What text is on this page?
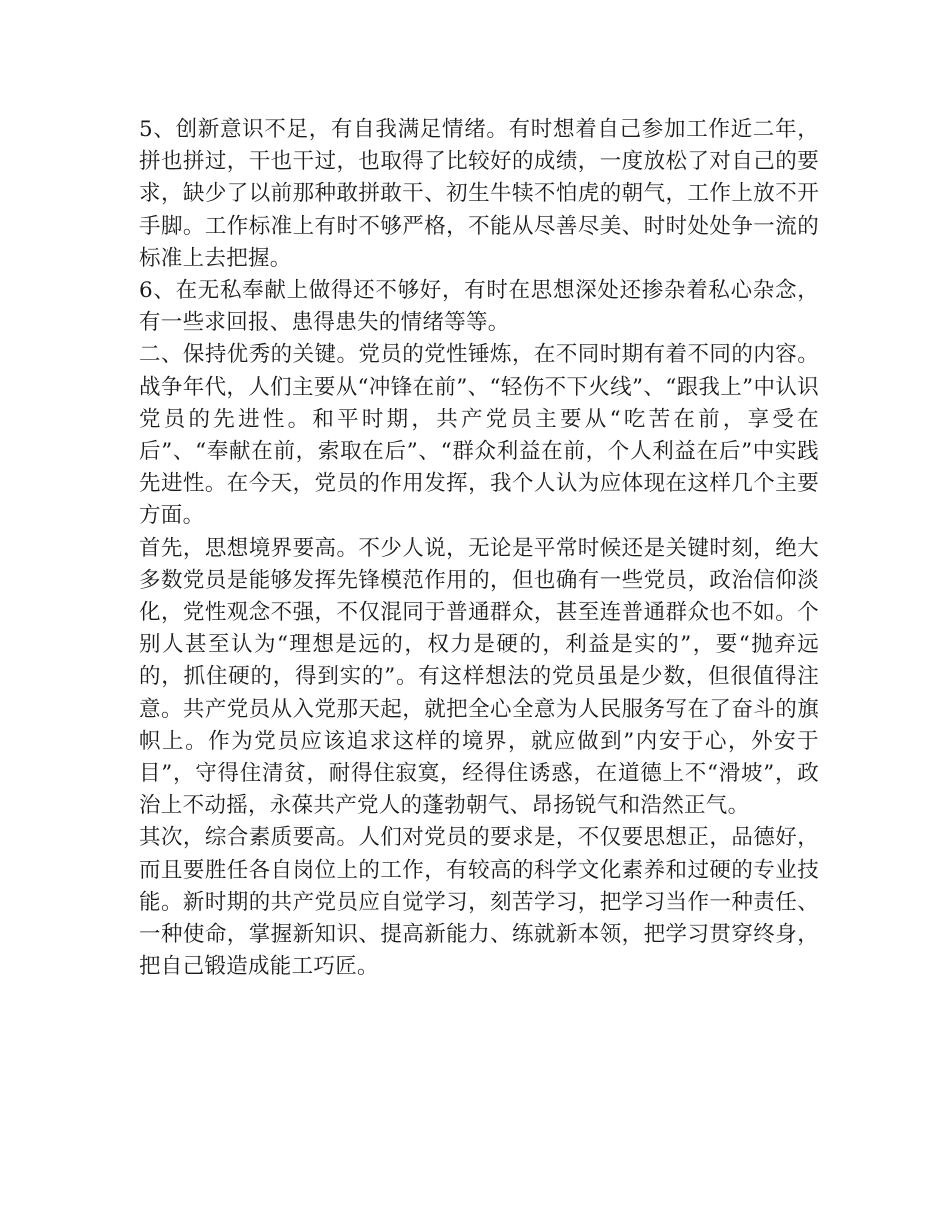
5、创新意识不足，有自我满足情绪。有时想着自己参加工作近二年，拼也拼过，干也干过，也取得了比较好的成绩，一度放松了对自己的要求，缺少了以前那种敢拼敢干、初生牛犊不怕虎的朝气，工作上放不开手脚。工作标准上有时不够严格，不能从尽善尽美、时时处处争一流的标准上去把握。

6、在无私奉献上做得还不够好，有时在思想深处还掺杂着私心杂念，有一些求回报、患得患失的情绪等等。

二、保持优秀的关键。党员的党性锤炼，在不同时期有着不同的内容。战争年代，人们主要从“冲锋在前”、“轻伤不下火线”、“跟我上”中认识党员的先进性。和平时期，共产党员主要从“吃苦在前，享受在后”、“奉献在前，索取在后”、“群众利益在前，个人利益在后”中实践先进性。在今天，党员的作用发挥，我个人认为应体现在这样几个主要方面。

首先，思想境界要高。不少人说，无论是平常时候还是关键时刻，绝大多数党员是能够发挥先锋模范作用的，但也确有一些党员，政治信仰淡化，党性观念不强，不仅混同于普通群众，甚至连普通群众也不如。个别人甚至认为“理想是远的，权力是硬的，利益是实的”，要“抛弃远的，抓住硬的，得到实的”。有这样想法的党员虽是少数，但很值得注意。共产党员从入党那天起，就把全心全意为人民服务写在了奋斗的旗帜上。作为党员应该追求这样的境界，就应做到”内安于心，外安于目”，守得住清贫，耐得住寂寞，经得住诱惑，在道德上不“滑坡”，政治上不动摇，永葆共产党人的蓬勃朝气、昂扬锐气和浩然正气。

其次，综合素质要高。人们对党员的要求是，不仅要思想正，品德好，而且要胜任各自岗位上的工作，有较高的科学文化素养和过硬的专业技能。新时期的共产党员应自觉学习，刻苦学习，把学习当作一种责任、一种使命，掌握新知识、提高新能力、练就新本领，把学习贯穿终身，把自己锻造成能工巧匠。
